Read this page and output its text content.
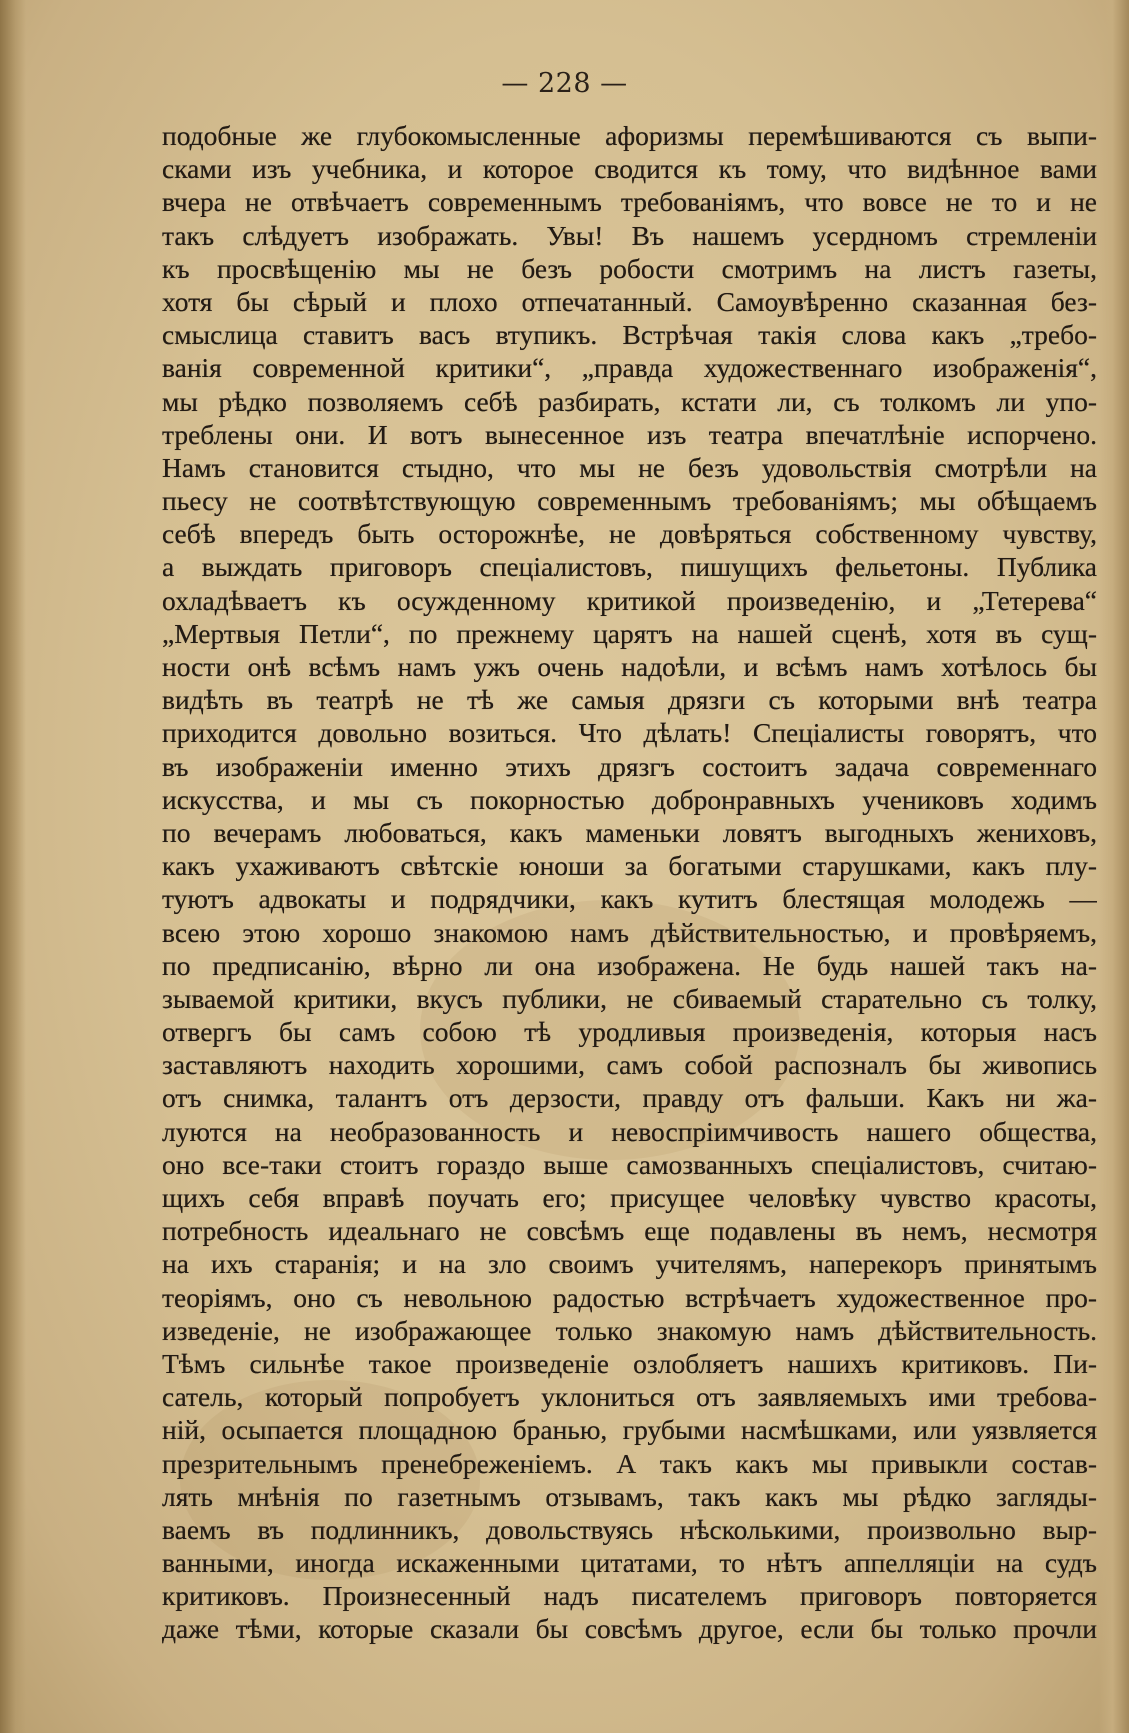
— 228 —
подобные же глубокомысленные афоризмы перемѣшиваются съ выпи-
сками изъ учебника, и которое сводится къ тому, что видѣнное вами
вчера не отвѣчаетъ современнымъ требованiямъ, что вовсе не то и не
такъ слѣдуетъ изображать. Увы! Въ нашемъ усердномъ стремленiи
къ просвѣщенiю мы не безъ робости смотримъ на листъ газеты,
хотя бы сѣрый и плохо отпечатанный. Самоувѣренно сказанная без-
смыслица ставитъ васъ втупикъ. Встрѣчая такiя слова какъ „требо-
ванiя современной критики“, „правда художественнаго изображенiя“,
мы рѣдко позволяемъ себѣ разбирать, кстати ли, съ толкомъ ли упо-
треблены они. И вотъ вынесенное изъ театра впечатлѣнiе испорчено.
Намъ становится стыдно, что мы не безъ удовольствiя смотрѣли на
пьесу не соотвѣтствующую современнымъ требованiямъ; мы обѣщаемъ
себѣ впередъ быть осторожнѣе, не довѣряться собственному чувству,
а выждать приговоръ спецiалистовъ, пишущихъ фельетоны. Публика
охладѣваетъ къ осужденному критикой произведенiю, и „Тетерева“
„Мертвыя Петли“, по прежнему царятъ на нашей сценѣ, хотя въ сущ-
ности онѣ всѣмъ намъ ужъ очень надоѣли, и всѣмъ намъ хотѣлось бы
видѣть въ театрѣ не тѣ же самыя дрязги съ которыми внѣ театра
приходится довольно возиться. Что дѣлать! Спецiалисты говорятъ, что
въ изображенiи именно этихъ дрязгъ состоитъ задача современнаго
искусства, и мы съ покорностью добронравныхъ учениковъ ходимъ
по вечерамъ любоваться, какъ маменьки ловятъ выгодныхъ жениховъ,
какъ ухаживаютъ свѣтскiе юноши за богатыми старушками, какъ плу-
туютъ адвокаты и подрядчики, какъ кутитъ блестящая молодежь —
всею этою хорошо знакомою намъ дѣйствительностью, и провѣряемъ,
по предписанiю, вѣрно ли она изображена. Не будь нашей такъ на-
зываемой критики, вкусъ публики, не сбиваемый старательно съ толку,
отвергъ бы самъ собою тѣ уродливыя произведенiя, которыя насъ
заставляютъ находить хорошими, самъ собой распозналъ бы живопись
отъ снимка, талантъ отъ дерзости, правду отъ фальши. Какъ ни жа-
луются на необразованность и невоспрiимчивость нашего общества,
оно все-таки стоитъ гораздо выше самозванныхъ спецiалистовъ, считаю-
щихъ себя вправѣ поучать его; присущее человѣку чувство красоты,
потребность идеальнаго не совсѣмъ еще подавлены въ немъ, несмотря
на ихъ старанiя; и на зло своимъ учителямъ, наперекоръ принятымъ
теорiямъ, оно съ невольною радостью встрѣчаетъ художественное про-
изведенiе, не изображающее только знакомую намъ дѣйствительность.
Тѣмъ сильнѣе такое произведенiе озлобляетъ нашихъ критиковъ. Пи-
сатель, который попробуетъ уклониться отъ заявляемыхъ ими требова-
нiй, осыпается площадною бранью, грубыми насмѣшками, или уязвляется
презрительнымъ пренебреженiемъ. А такъ какъ мы привыкли состав-
лять мнѣнiя по газетнымъ отзывамъ, такъ какъ мы рѣдко загляды-
ваемъ въ подлинникъ, довольствуясь нѣсколькими, произвольно выр-
ванными, иногда искаженными цитатами, то нѣтъ аппелляцiи на судъ
критиковъ. Произнесенный надъ писателемъ приговоръ повторяется
даже тѣми, которые сказали бы совсѣмъ другое, если бы только прочли
